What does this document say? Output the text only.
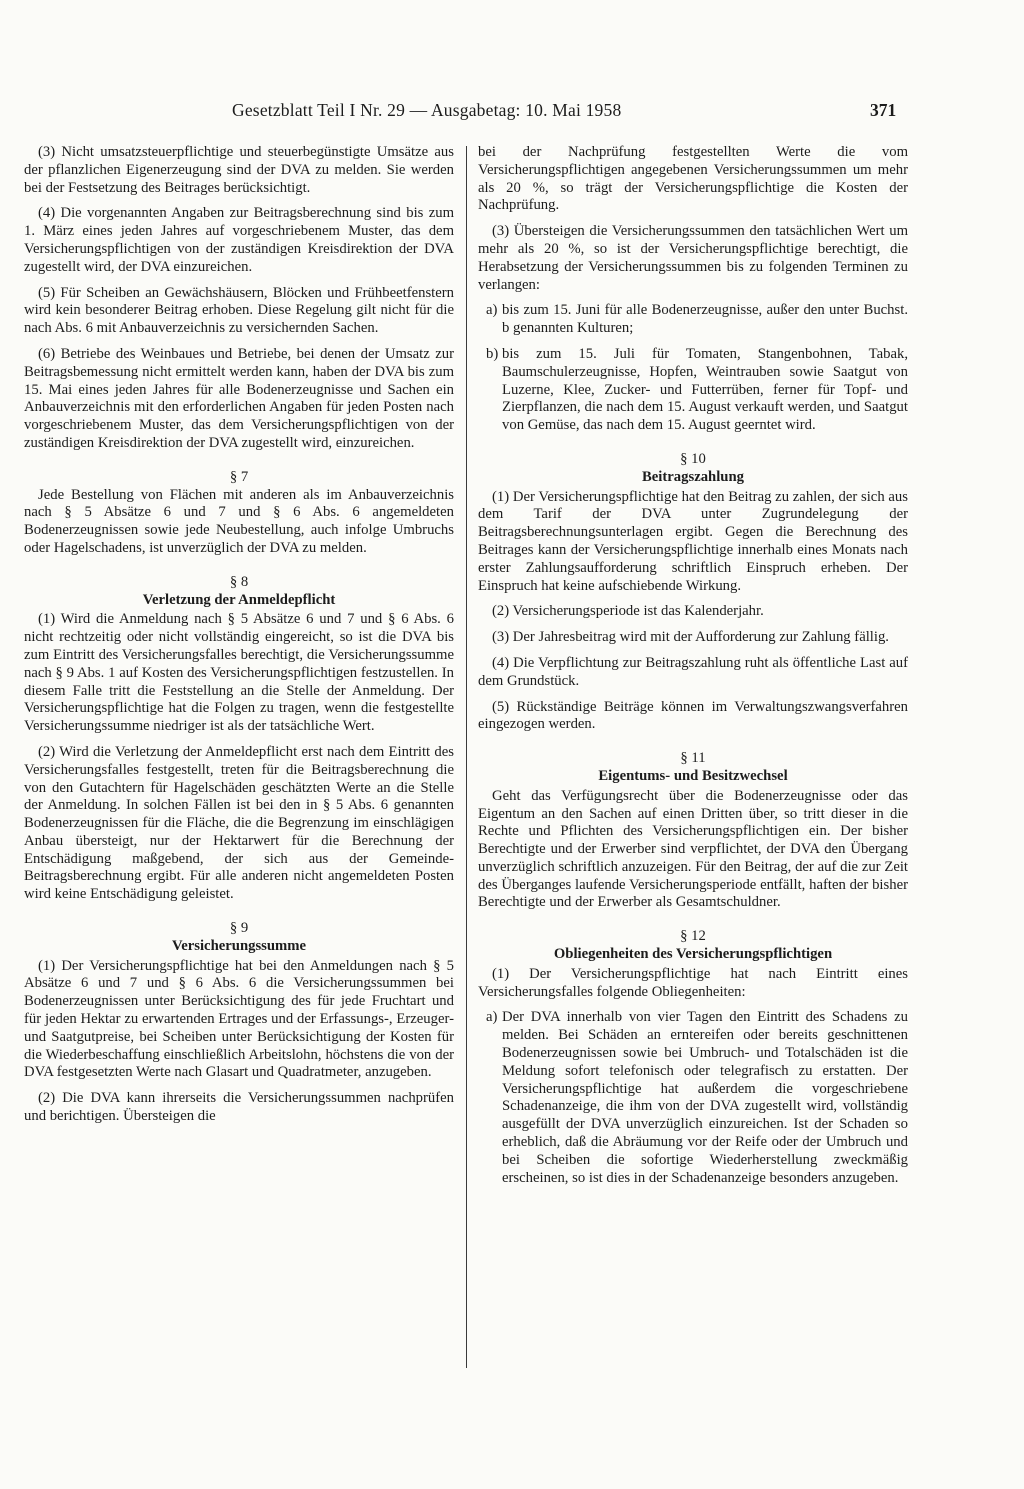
Gesetzblatt Teil I Nr. 29 — Ausgabetag: 10. Mai 1958	371

(3) Nicht umsatzsteuerpflichtige und steuerbegünstigte Umsätze aus der pflanzlichen Eigenerzeugung sind der DVA zu melden. Sie werden bei der Festsetzung des Beitrages berücksichtigt.

(4) Die vorgenannten Angaben zur Beitragsberechnung sind bis zum 1. März eines jeden Jahres auf vorgeschriebenem Muster, das dem Versicherungspflichtigen von der zuständigen Kreisdirektion der DVA zugestellt wird, der DVA einzureichen.

(5) Für Scheiben an Gewächshäusern, Blöcken und Frühbeetfenstern wird kein besonderer Beitrag erhoben. Diese Regelung gilt nicht für die nach Abs. 6 mit Anbauverzeichnis zu versichernden Sachen.

(6) Betriebe des Weinbaues und Betriebe, bei denen der Umsatz zur Beitragsbemessung nicht ermittelt werden kann, haben der DVA bis zum 15. Mai eines jeden Jahres für alle Bodenerzeugnisse und Sachen ein Anbauverzeichnis mit den erforderlichen Angaben für jeden Posten nach vorgeschriebenem Muster, das dem Versicherungspflichtigen von der zuständigen Kreisdirektion der DVA zugestellt wird, einzureichen.

§ 7

Jede Bestellung von Flächen mit anderen als im Anbauverzeichnis nach § 5 Absätze 6 und 7 und § 6 Abs. 6 angemeldeten Bodenerzeugnissen sowie jede Neubestellung, auch infolge Umbruchs oder Hagelschadens, ist unverzüglich der DVA zu melden.

§ 8
Verletzung der Anmeldepflicht

(1) Wird die Anmeldung nach § 5 Absätze 6 und 7 und § 6 Abs. 6 nicht rechtzeitig oder nicht vollständig eingereicht, so ist die DVA bis zum Eintritt des Versicherungsfalles berechtigt, die Versicherungssumme nach § 9 Abs. 1 auf Kosten des Versicherungspflichtigen festzustellen. In diesem Falle tritt die Feststellung an die Stelle der Anmeldung. Der Versicherungspflichtige hat die Folgen zu tragen, wenn die festgestellte Versicherungssumme niedriger ist als der tatsächliche Wert.

(2) Wird die Verletzung der Anmeldepflicht erst nach dem Eintritt des Versicherungsfalles festgestellt, treten für die Beitragsberechnung die von den Gutachtern für Hagelschäden geschätzten Werte an die Stelle der Anmeldung. In solchen Fällen ist bei den in § 5 Abs. 6 genannten Bodenerzeugnissen für die Fläche, die die Begrenzung im einschlägigen Anbau übersteigt, nur der Hektarwert für die Berechnung der Entschädigung maßgebend, der sich aus der Gemeinde-Beitragsberechnung ergibt. Für alle anderen nicht angemeldeten Posten wird keine Entschädigung geleistet.

§ 9
Versicherungssumme

(1) Der Versicherungspflichtige hat bei den Anmeldungen nach § 5 Absätze 6 und 7 und § 6 Abs. 6 die Versicherungssummen bei Bodenerzeugnissen unter Berücksichtigung des für jede Fruchtart und für jeden Hektar zu erwartenden Ertrages und der Erfassungs-, Erzeuger- und Saatgutpreise, bei Scheiben unter Berücksichtigung der Kosten für die Wiederbeschaffung einschließlich Arbeitslohn, höchstens die von der DVA festgesetzten Werte nach Glasart und Quadratmeter, anzugeben.

(2) Die DVA kann ihrerseits die Versicherungssummen nachprüfen und berichtigen. Übersteigen die

bei der Nachprüfung festgestellten Werte die vom Versicherungspflichtigen angegebenen Versicherungssummen um mehr als 20 %, so trägt der Versicherungspflichtige die Kosten der Nachprüfung.

(3) Übersteigen die Versicherungssummen den tatsächlichen Wert um mehr als 20 %, so ist der Versicherungspflichtige berechtigt, die Herabsetzung der Versicherungssummen bis zu folgenden Terminen zu verlangen:

a) bis zum 15. Juni für alle Bodenerzeugnisse, außer den unter Buchst. b genannten Kulturen;
b) bis zum 15. Juli für Tomaten, Stangenbohnen, Tabak, Baumschulerzeugnisse, Hopfen, Weintrauben sowie Saatgut von Luzerne, Klee, Zucker- und Futterrüben, ferner für Topf- und Zierpflanzen, die nach dem 15. August verkauft werden, und Saatgut von Gemüse, das nach dem 15. August geerntet wird.
§ 10
Beitragszahlung

(1) Der Versicherungspflichtige hat den Beitrag zu zahlen, der sich aus dem Tarif der DVA unter Zugrundelegung der Beitragsberechnungsunterlagen ergibt. Gegen die Berechnung des Beitrages kann der Versicherungspflichtige innerhalb eines Monats nach erster Zahlungsaufforderung schriftlich Einspruch erheben. Der Einspruch hat keine aufschiebende Wirkung.

(2) Versicherungsperiode ist das Kalenderjahr.

(3) Der Jahresbeitrag wird mit der Aufforderung zur Zahlung fällig.

(4) Die Verpflichtung zur Beitragszahlung ruht als öffentliche Last auf dem Grundstück.

(5) Rückständige Beiträge können im Verwaltungszwangsverfahren eingezogen werden.

§ 11
Eigentums- und Besitzwechsel

Geht das Verfügungsrecht über die Bodenerzeugnisse oder das Eigentum an den Sachen auf einen Dritten über, so tritt dieser in die Rechte und Pflichten des Versicherungspflichtigen ein. Der bisher Berechtigte und der Erwerber sind verpflichtet, der DVA den Übergang unverzüglich schriftlich anzuzeigen. Für den Beitrag, der auf die zur Zeit des Überganges laufende Versicherungsperiode entfällt, haften der bisher Berechtigte und der Erwerber als Gesamtschuldner.

§ 12
Obliegenheiten des Versicherungspflichtigen

(1) Der Versicherungspflichtige hat nach Eintritt eines Versicherungsfalles folgende Obliegenheiten:

a) Der DVA innerhalb von vier Tagen den Eintritt des Schadens zu melden. Bei Schäden an erntereifen oder bereits geschnittenen Bodenerzeugnissen sowie bei Umbruch- und Totalschäden ist die Meldung sofort telefonisch oder telegrafisch zu erstatten. Der Versicherungspflichtige hat außerdem die vorgeschriebene Schadenanzeige, die ihm von der DVA zugestellt wird, vollständig ausgefüllt der DVA unverzüglich einzureichen. Ist der Schaden so erheblich, daß die Abräumung vor der Reife oder der Umbruch und bei Scheiben die sofortige Wiederherstellung zweckmäßig erscheinen, so ist dies in der Schadenanzeige besonders anzugeben.
